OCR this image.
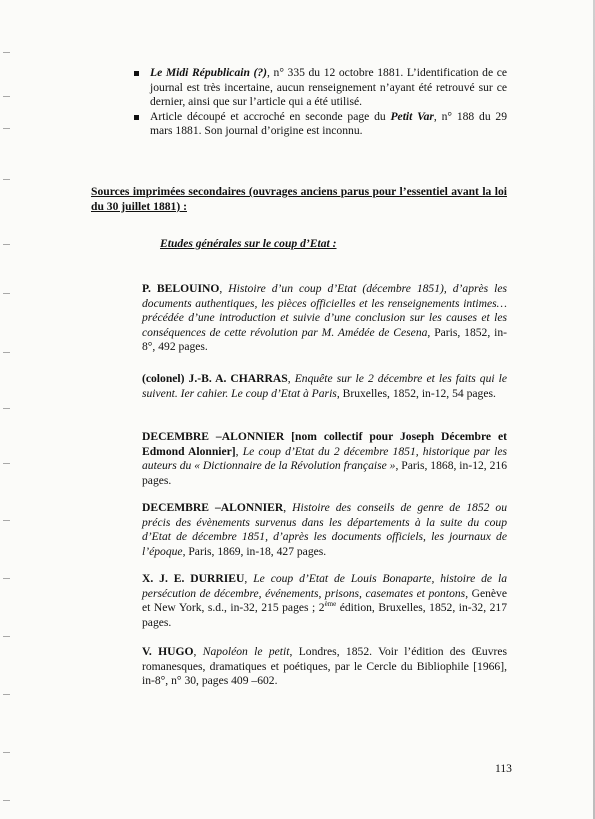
Le Midi Républicain (?), n° 335 du 12 octobre 1881. L’identification de ce journal est très incertaine, aucun renseignement n’ayant été retrouvé sur ce dernier, ainsi que sur l’article qui a été utilisé.
Article découpé et accroché en seconde page du Petit Var, n° 188 du 29 mars 1881. Son journal d’origine est inconnu.
Sources imprimées secondaires (ouvrages anciens parus pour l’essentiel avant la loi du 30 juillet 1881) :
Etudes générales sur le coup d’Etat :
P. BELOUINO, Histoire d’un coup d’Etat (décembre 1851), d’après les documents authentiques, les pièces officielles et les renseignements intimes… précédée d’une introduction et suivie d’une conclusion sur les causes et les conséquences de cette révolution par M. Amédée de Cesena, Paris, 1852, in-8°, 492 pages.
(colonel) J.-B. A. CHARRAS, Enquête sur le 2 décembre et les faits qui le suivent. Ier cahier. Le coup d’Etat à Paris, Bruxelles, 1852, in-12, 54 pages.
DECEMBRE –ALONNIER [nom collectif pour Joseph Décembre et Edmond Alonnier], Le coup d’Etat du 2 décembre 1851, historique par les auteurs du « Dictionnaire de la Révolution française », Paris, 1868, in-12, 216 pages.
DECEMBRE –ALONNIER, Histoire des conseils de genre de 1852 ou précis des évènements survenus dans les départements à la suite du coup d’Etat de décembre 1851, d’après les documents officiels, les journaux de l’époque, Paris, 1869, in-18, 427 pages.
X. J. E. DURRIEU, Le coup d’Etat de Louis Bonaparte, histoire de la persécution de décembre, événements, prisons, casemates et pontons, Genève et New York, s.d., in-32, 215 pages ; 2ème édition, Bruxelles, 1852, in-32, 217 pages.
V. HUGO, Napoléon le petit, Londres, 1852. Voir l’édition des Œuvres romanesques, dramatiques et poétiques, par le Cercle du Bibliophile [1966], in-8°, n° 30, pages 409 –602.
113
